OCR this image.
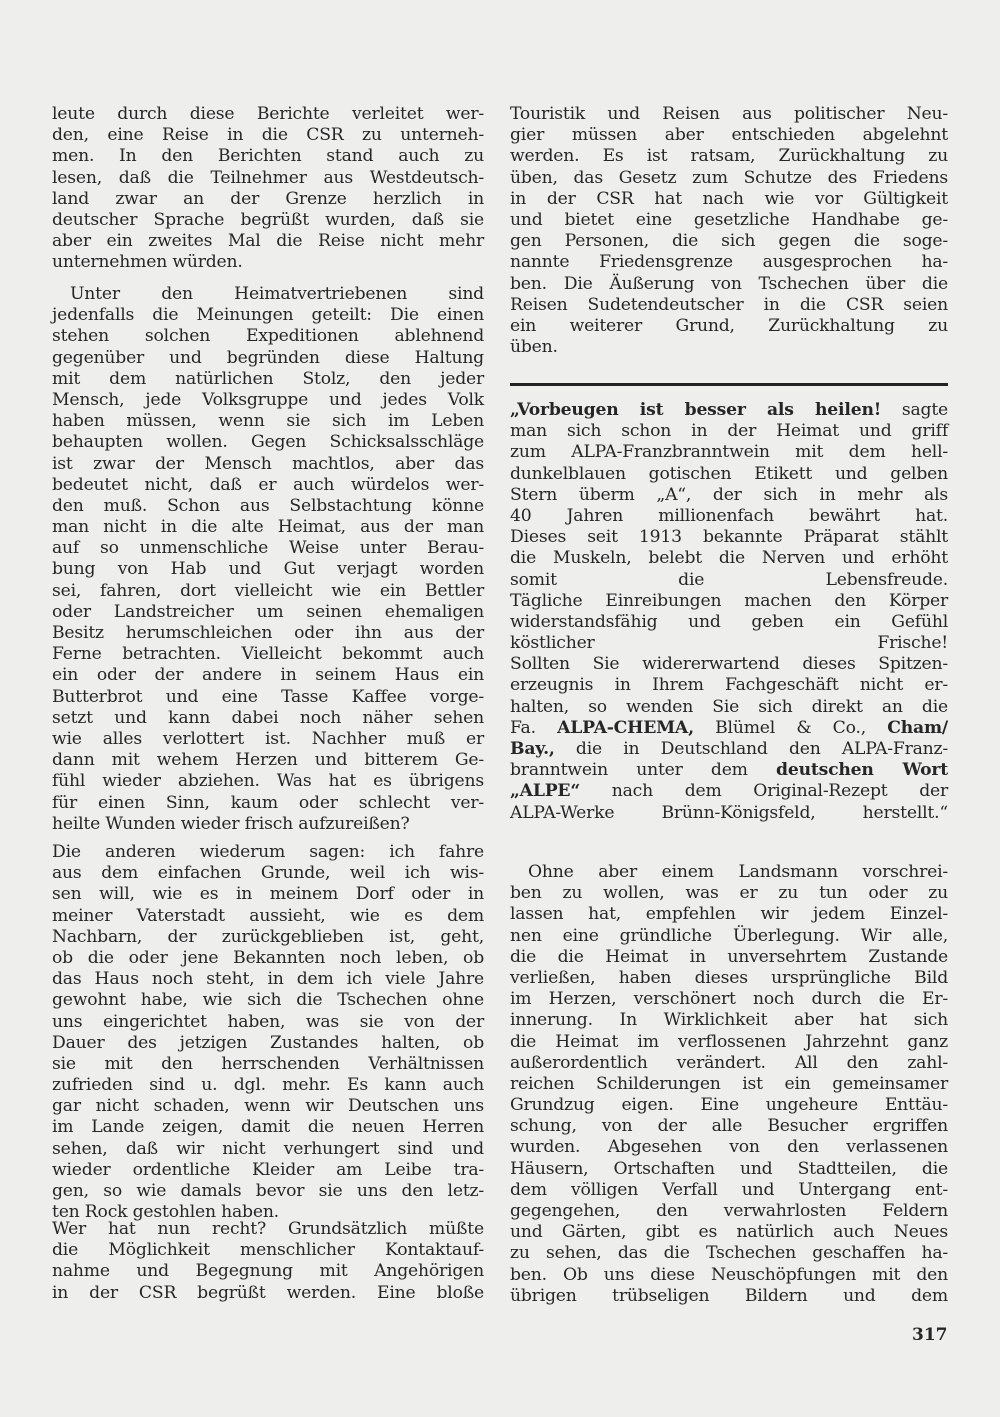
leute durch diese Berichte verleitet wer-
den, eine Reise in die CSR zu unterneh-
men. In den Berichten stand auch zu
lesen, daß die Teilnehmer aus Westdeutsch-
land zwar an der Grenze herzlich in
deutscher Sprache begrüßt wurden, daß sie
aber ein zweites Mal die Reise nicht mehr
unternehmen würden.
Unter den Heimatvertriebenen sind
jedenfalls die Meinungen geteilt: Die einen
stehen solchen Expeditionen ablehnend
gegenüber und begründen diese Haltung
mit dem natürlichen Stolz, den jeder
Mensch, jede Volksgruppe und jedes Volk
haben müssen, wenn sie sich im Leben
behaupten wollen. Gegen Schicksalsschläge
ist zwar der Mensch machtlos, aber das
bedeutet nicht, daß er auch würdelos wer-
den muß. Schon aus Selbstachtung könne
man nicht in die alte Heimat, aus der man
auf so unmenschliche Weise unter Berau-
bung von Hab und Gut verjagt worden
sei, fahren, dort vielleicht wie ein Bettler
oder Landstreicher um seinen ehemaligen
Besitz herumschleichen oder ihn aus der
Ferne betrachten. Vielleicht bekommt auch
ein oder der andere in seinem Haus ein
Butterbrot und eine Tasse Kaffee vorge-
setzt und kann dabei noch näher sehen
wie alles verlottert ist. Nachher muß er
dann mit wehem Herzen und bitterem Ge-
fühl wieder abziehen. Was hat es übrigens
für einen Sinn, kaum oder schlecht ver-
heilte Wunden wieder frisch aufzureißen?
Die anderen wiederum sagen: ich fahre
aus dem einfachen Grunde, weil ich wis-
sen will, wie es in meinem Dorf oder in
meiner Vaterstadt aussieht, wie es dem
Nachbarn, der zurückgeblieben ist, geht,
ob die oder jene Bekannten noch leben, ob
das Haus noch steht, in dem ich viele Jahre
gewohnt habe, wie sich die Tschechen ohne
uns eingerichtet haben, was sie von der
Dauer des jetzigen Zustandes halten, ob
sie mit den herrschenden Verhältnissen
zufrieden sind u. dgl. mehr. Es kann auch
gar nicht schaden, wenn wir Deutschen uns
im Lande zeigen, damit die neuen Herren
sehen, daß wir nicht verhungert sind und
wieder ordentliche Kleider am Leibe tra-
gen, so wie damals bevor sie uns den letz-
ten Rock gestohlen haben.
Wer hat nun recht? Grundsätzlich müßte
die Möglichkeit menschlicher Kontaktauf-
nahme und Begegnung mit Angehörigen
in der CSR begrüßt werden. Eine bloße
Touristik und Reisen aus politischer Neu-
gier müssen aber entschieden abgelehnt
werden. Es ist ratsam, Zurückhaltung zu
üben, das Gesetz zum Schutze des Friedens
in der CSR hat nach wie vor Gültigkeit
und bietet eine gesetzliche Handhabe ge-
gen Personen, die sich gegen die soge-
nannte Friedensgrenze ausgesprochen ha-
ben. Die Äußerung von Tschechen über die
Reisen Sudetendeutscher in die CSR seien
ein weiterer Grund, Zurückhaltung zu
üben.
„Vorbeugen ist besser als heilen! sagte
man sich schon in der Heimat und griff
zum ALPA-Franzbranntwein mit dem hell-
dunkelblauen gotischen Etikett und gelben
Stern überm „A“, der sich in mehr als
40 Jahren millionenfach bewährt hat.
Dieses seit 1913 bekannte Präparat stählt
die Muskeln, belebt die Nerven und erhöht
somit die Lebensfreude.
Tägliche Einreibungen machen den Körper
widerstandsfähig und geben ein Gefühl
köstlicher Frische!
Sollten Sie widererwartend dieses Spitzen-
erzeugnis in Ihrem Fachgeschäft nicht er-
halten, so wenden Sie sich direkt an die
Fa. ALPA-CHEMA, Blümel & Co., Cham/
Bay., die in Deutschland den ALPA-Franz-
branntwein unter dem deutschen Wort
„ALPE“ nach dem Original-Rezept der
ALPA-Werke Brünn-Königsfeld, herstellt.“
Ohne aber einem Landsmann vorschrei-
ben zu wollen, was er zu tun oder zu
lassen hat, empfehlen wir jedem Einzel-
nen eine gründliche Überlegung. Wir alle,
die die Heimat in unversehrtem Zustande
verließen, haben dieses ursprüngliche Bild
im Herzen, verschönert noch durch die Er-
innerung. In Wirklichkeit aber hat sich
die Heimat im verflossenen Jahrzehnt ganz
außerordentlich verändert. All den zahl-
reichen Schilderungen ist ein gemeinsamer
Grundzug eigen. Eine ungeheure Enttäu-
schung, von der alle Besucher ergriffen
wurden. Abgesehen von den verlassenen
Häusern, Ortschaften und Stadtteilen, die
dem völligen Verfall und Untergang ent-
gegengehen, den verwahrlosten Feldern
und Gärten, gibt es natürlich auch Neues
zu sehen, das die Tschechen geschaffen ha-
ben. Ob uns diese Neuschöpfungen mit den
übrigen trübseligen Bildern und dem
317
